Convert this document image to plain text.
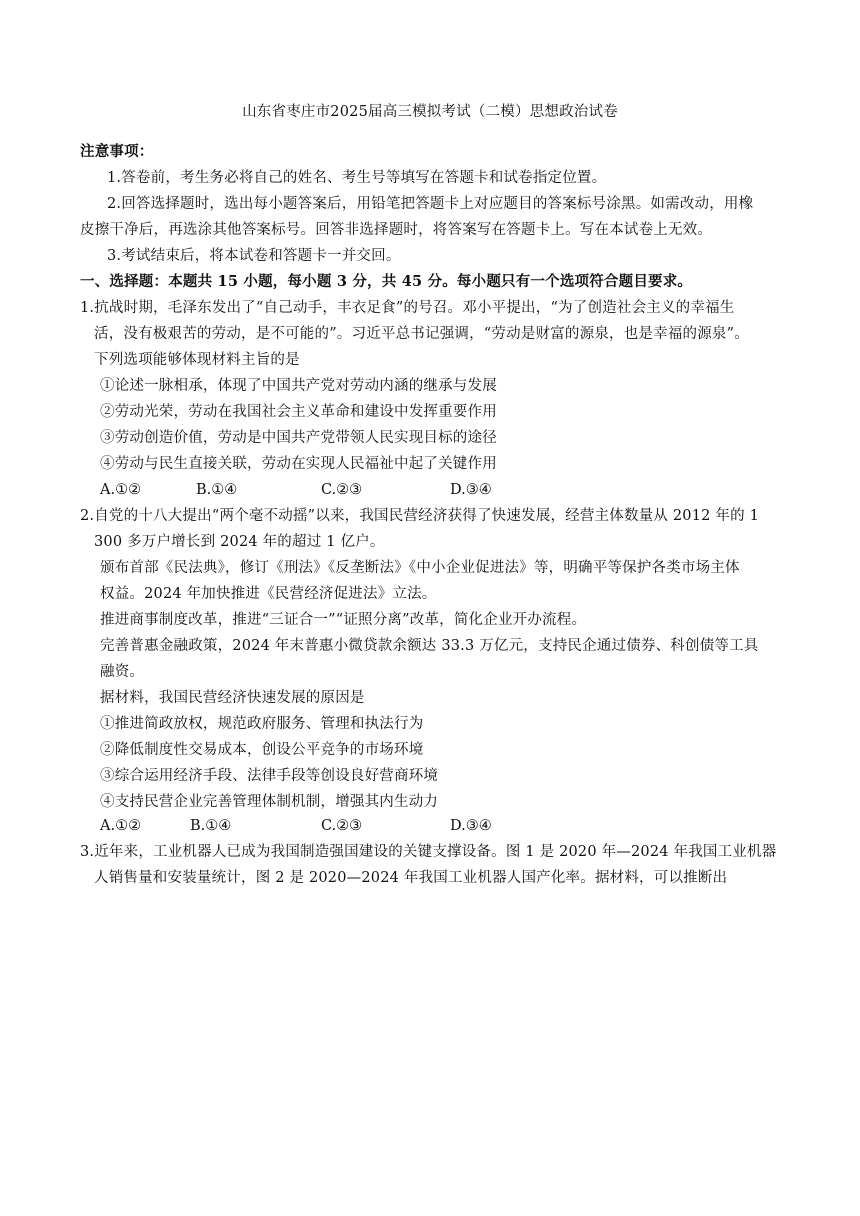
山东省枣庄市2025届高三模拟考试（二模）思想政治试卷
注意事项：
1.答卷前，考生务必将自己的姓名、考生号等填写在答题卡和试卷指定位置。
2.回答选择题时，选出每小题答案后，用铅笔把答题卡上对应题目的答案标号涂黑。如需改动，用橡
皮擦干净后，再选涂其他答案标号。回答非选择题时，将答案写在答题卡上。写在本试卷上无效。
3.考试结束后，将本试卷和答题卡一并交回。
一、选择题：本题共 15 小题，每小题 3 分，共 45 分。每小题只有一个选项符合题目要求。
1.抗战时期，毛泽东发出了“自己动手，丰衣足食”的号召。邓小平提出，“为了创造社会主义的幸福生
活，没有极艰苦的劳动，是不可能的”。习近平总书记强调，“劳动是财富的源泉，也是幸福的源泉”。
下列选项能够体现材料主旨的是
①论述一脉相承，体现了中国共产党对劳动内涵的继承与发展
②劳动光荣，劳动在我国社会主义革命和建设中发挥重要作用
③劳动创造价值，劳动是中国共产党带领人民实现目标的途径
④劳动与民生直接关联，劳动在实现人民福祉中起了关键作用
A.①②	B.①④	C.②③	D.③④
2.自党的十八大提出“两个毫不动摇”以来，我国民营经济获得了快速发展，经营主体数量从 2012 年的 1
300 多万户增长到 2024 年的超过 1 亿户。
颁布首部《民法典》，修订《刑法》《反垄断法》《中小企业促进法》等，明确平等保护各类市场主体
权益。2024 年加快推进《民营经济促进法》立法。
推进商事制度改革，推进“三证合一”“证照分离”改革，简化企业开办流程。
完善普惠金融政策，2024 年末普惠小微贷款余额达 33.3 万亿元，支持民企通过债券、科创债等工具
融资。
据材料，我国民营经济快速发展的原因是
①推进简政放权，规范政府服务、管理和执法行为
②降低制度性交易成本，创设公平竞争的市场环境
③综合运用经济手段、法律手段等创设良好营商环境
④支持民营企业完善管理体制机制，增强其内生动力
A.①②	B.①④	C.②③	D.③④
3.近年来，工业机器人已成为我国制造强国建设的关键支撑设备。图 1 是 2020 年—2024 年我国工业机器
人销售量和安装量统计，图 2 是 2020—2024 年我国工业机器人国产化率。据材料，可以推断出
